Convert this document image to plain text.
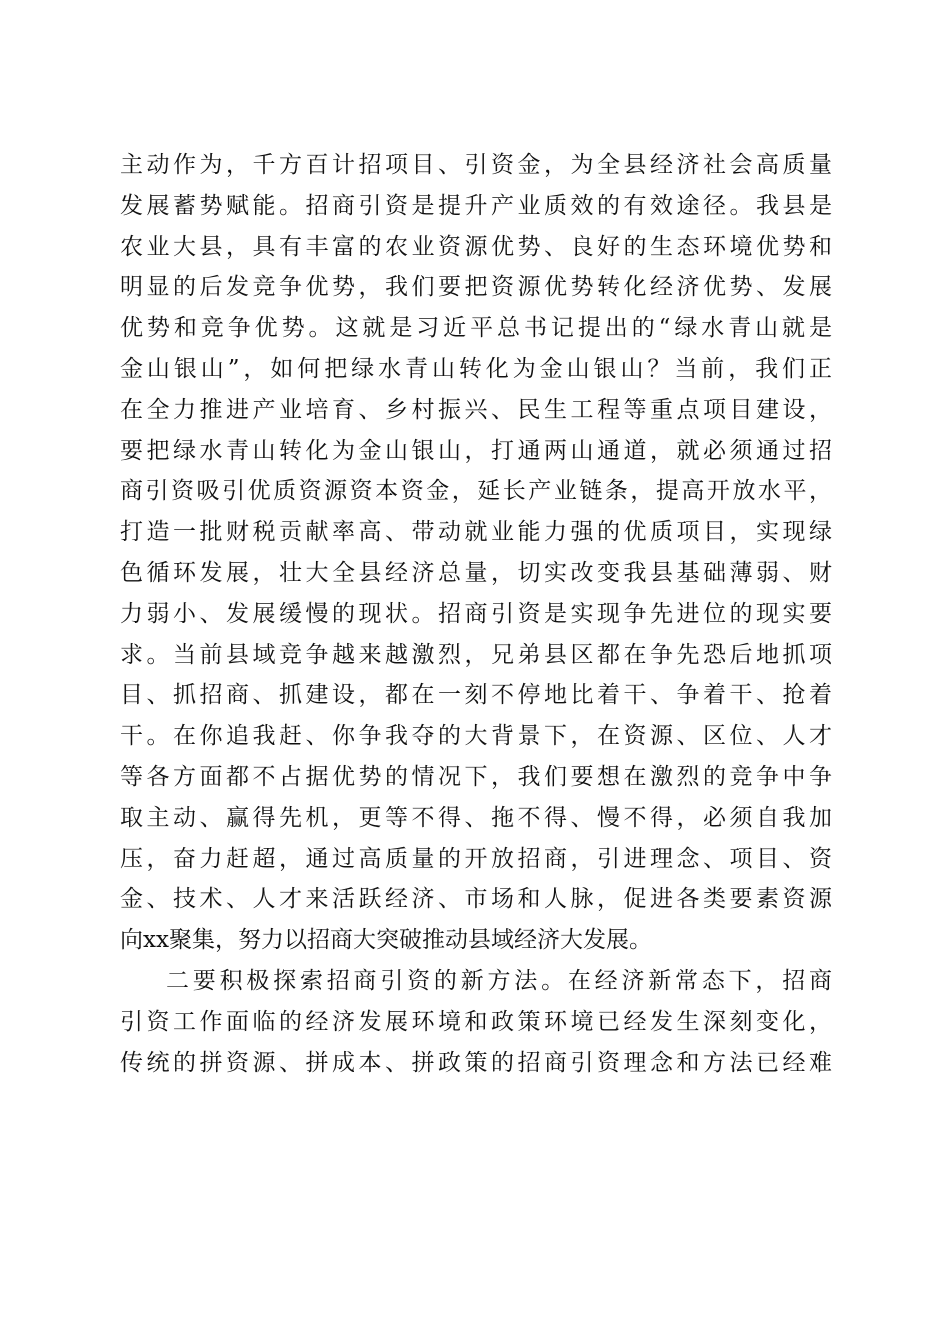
主动作为，千方百计招项目、引资金，为全县经济社会高质量
发展蓄势赋能。招商引资是提升产业质效的有效途径。我县是
农业大县，具有丰富的农业资源优势、良好的生态环境优势和
明显的后发竞争优势，我们要把资源优势转化经济优势、发展
优势和竞争优势。这就是习近平总书记提出的“绿水青山就是
金山银山”，如何把绿水青山转化为金山银山？当前，我们正
在全力推进产业培育、乡村振兴、民生工程等重点项目建设，
要把绿水青山转化为金山银山，打通两山通道，就必须通过招
商引资吸引优质资源资本资金，延长产业链条，提高开放水平，
打造一批财税贡献率高、带动就业能力强的优质项目，实现绿
色循环发展，壮大全县经济总量，切实改变我县基础薄弱、财
力弱小、发展缓慢的现状。招商引资是实现争先进位的现实要
求。当前县域竞争越来越激烈，兄弟县区都在争先恐后地抓项
目、抓招商、抓建设，都在一刻不停地比着干、争着干、抢着
干。在你追我赶、你争我夺的大背景下，在资源、区位、人才
等各方面都不占据优势的情况下，我们要想在激烈的竞争中争
取主动、赢得先机，更等不得、拖不得、慢不得，必须自我加
压，奋力赶超，通过高质量的开放招商，引进理念、项目、资
金、技术、人才来活跃经济、市场和人脉，促进各类要素资源
向xx聚集，努力以招商大突破推动县域经济大发展。
二要积极探索招商引资的新方法。在经济新常态下，招商
引资工作面临的经济发展环境和政策环境已经发生深刻变化，
传统的拼资源、拼成本、拼政策的招商引资理念和方法已经难
